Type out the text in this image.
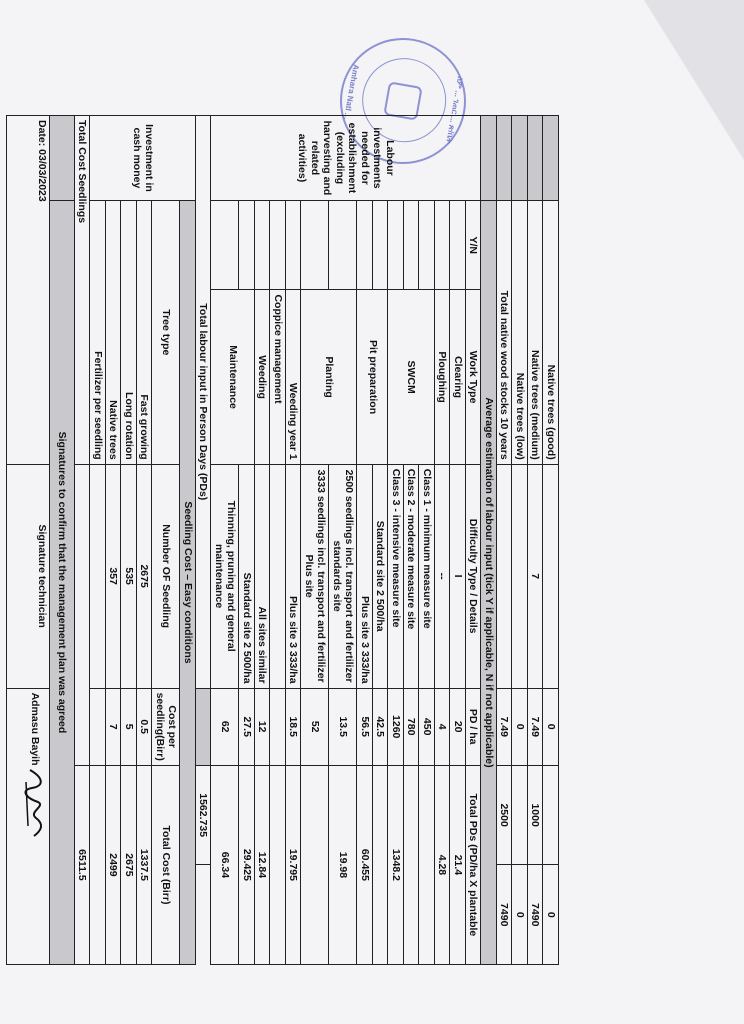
ለም ... ገጠር ... ጽ/ቤት
Amhara Natl ...
	Native trees (good)			0		0
	Native trees (medium)		7	7.49	1000	7490
	Native trees (low)			0		0
	Total native wood stocks 10 years			7.49	2500	7490
	Average estimation of labour input (tick Y if applicable, N if not applicable)					
Labour investments needed for establishment (excluding harvesting and related activities)	Y/N	Work Type	Difficulty Type / Details	PD / ha	Total PDs (PD/ha X plantable	
		Clearing	I	20	21.4	
		Ploughing	--	4	4.28	
		SWCM	Class 1 - minimum measure site	450		
			Class 2 - moderate measure site	780		
			Class 3 - intensive measure site	1260	1348.2	
		Pit preparation	Standard site 2 500/ha	42.5		
			Plus site 3 333/ha	56.5	60.455	
		Planting	2500 seedlings incl. transport and fertilizer standards site	13.5	19.98	
			3333 seedlings incl. transport and fertilizer Plus site	52		
		Weeding year 1	Plus site 3 333/ha	18.5	19.795	
		Coppice management				
		Weeding	All sites similar	12	12.84	
		Maintenance	Standard site 2 500/ha	27.5	29.425	
			Thinning, pruning and general maintenance	62	66.34	
Total labour input in Person Days (PDs)					1562.735	
Investment in cash money	Seedling Cost – Easy conditions					
	Tree type		Number OF Seedling	Cost per seedling(Birr)	Total Cost (Birr)	
	Fast growing		2675	0.5	1337.5	
	Long rotation		535	5	2675	
	Native trees		357	7	2499	
	Fertilizer per seedling					
Total Cost Seedlings					6511.5	
	Signatures to confirm that the management plan was agreed					
Date: 03/03/2023			Signature technician	Admasu Bayih		
